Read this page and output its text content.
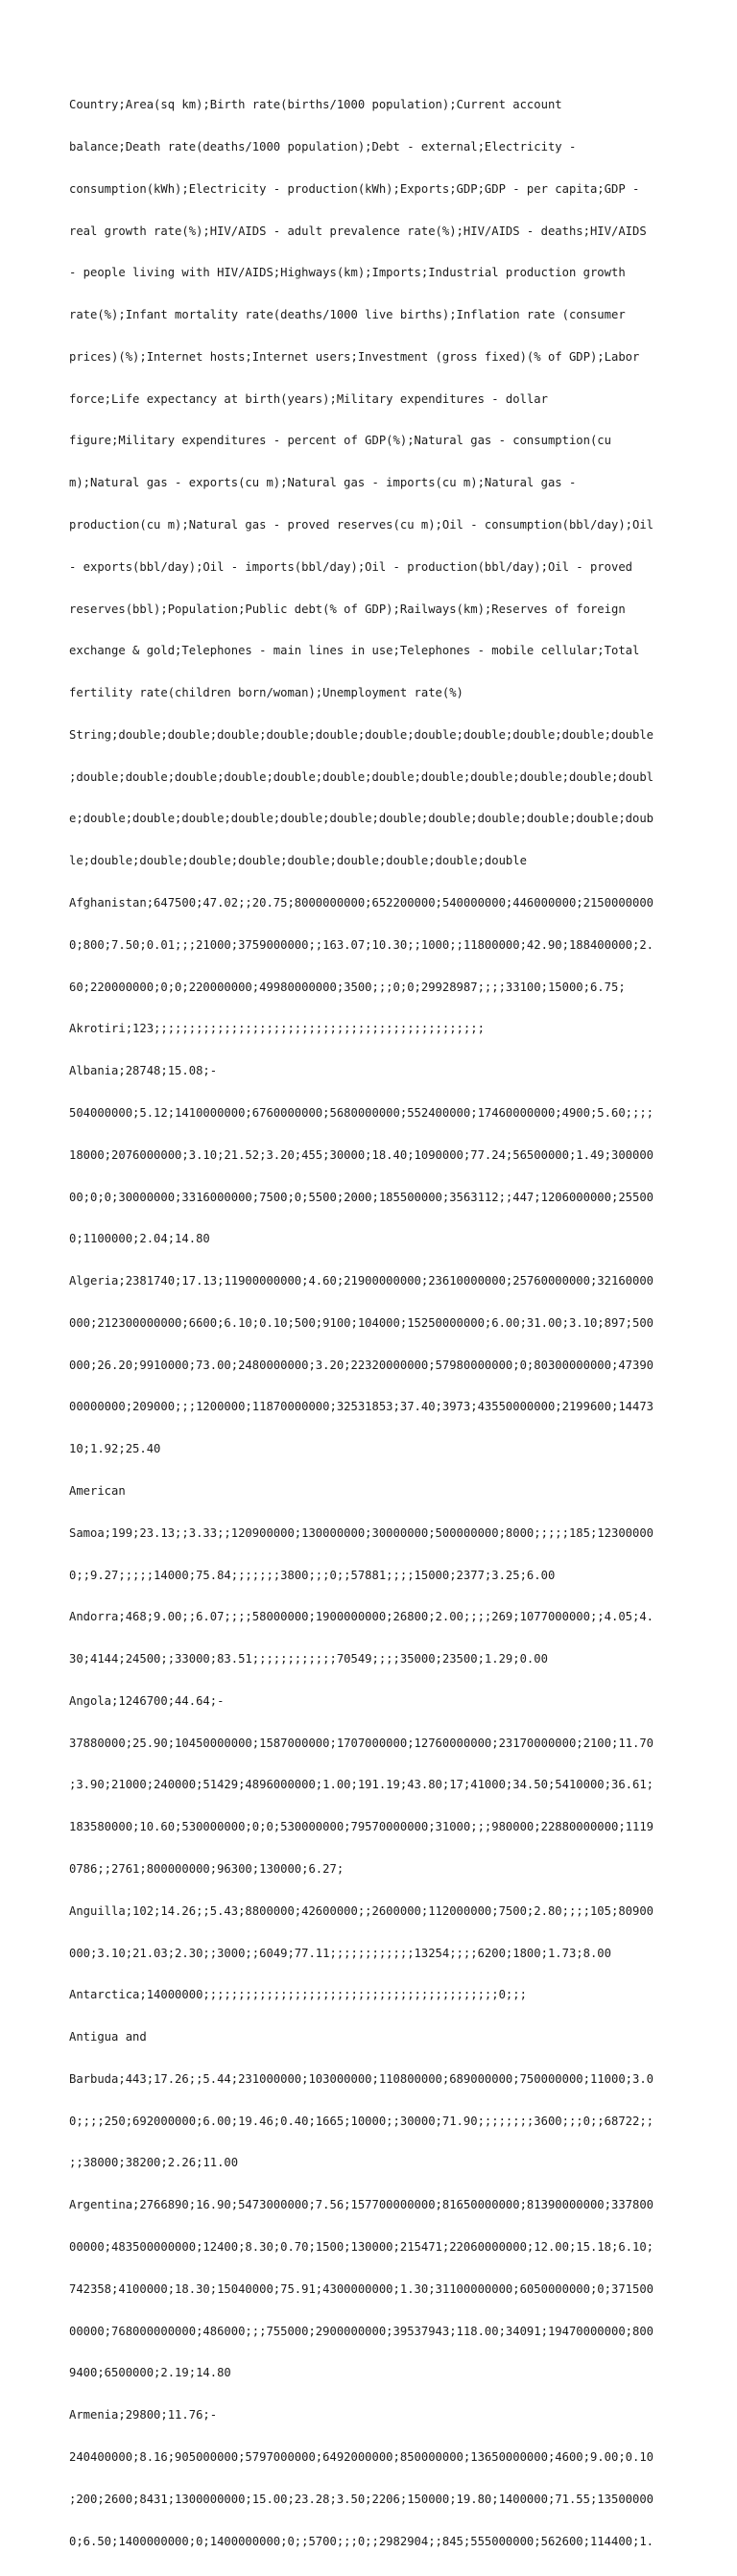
Country;Area(sq km);Birth rate(births/1000 population);Current account

balance;Death rate(deaths/1000 population);Debt - external;Electricity -

consumption(kWh);Electricity - production(kWh);Exports;GDP;GDP - per capita;GDP -

real growth rate(%);HIV/AIDS - adult prevalence rate(%);HIV/AIDS - deaths;HIV/AIDS

- people living with HIV/AIDS;Highways(km);Imports;Industrial production growth

rate(%);Infant mortality rate(deaths/1000 live births);Inflation rate (consumer

prices)(%);Internet hosts;Internet users;Investment (gross fixed)(% of GDP);Labor

force;Life expectancy at birth(years);Military expenditures - dollar

figure;Military expenditures - percent of GDP(%);Natural gas - consumption(cu

m);Natural gas - exports(cu m);Natural gas - imports(cu m);Natural gas -

production(cu m);Natural gas - proved reserves(cu m);Oil - consumption(bbl/day);Oil

- exports(bbl/day);Oil - imports(bbl/day);Oil - production(bbl/day);Oil - proved

reserves(bbl);Population;Public debt(% of GDP);Railways(km);Reserves of foreign

exchange & gold;Telephones - main lines in use;Telephones - mobile cellular;Total

fertility rate(children born/woman);Unemployment rate(%)

String;double;double;double;double;double;double;double;double;double;double;double

;double;double;double;double;double;double;double;double;double;double;double;doubl

e;double;double;double;double;double;double;double;double;double;double;double;doub

le;double;double;double;double;double;double;double;double;double

Afghanistan;647500;47.02;;20.75;8000000000;652200000;540000000;446000000;2150000000

0;800;7.50;0.01;;;21000;3759000000;;163.07;10.30;;1000;;11800000;42.90;188400000;2.

60;220000000;0;0;220000000;49980000000;3500;;;0;0;29928987;;;;33100;15000;6.75;

Akrotiri;123;;;;;;;;;;;;;;;;;;;;;;;;;;;;;;;;;;;;;;;;;;;;;;;

Albania;28748;15.08;-

504000000;5.12;1410000000;6760000000;5680000000;552400000;17460000000;4900;5.60;;;;

18000;2076000000;3.10;21.52;3.20;455;30000;18.40;1090000;77.24;56500000;1.49;300000

00;0;0;30000000;3316000000;7500;0;5500;2000;185500000;3563112;;447;1206000000;25500

0;1100000;2.04;14.80

Algeria;2381740;17.13;11900000000;4.60;21900000000;23610000000;25760000000;32160000

000;212300000000;6600;6.10;0.10;500;9100;104000;15250000000;6.00;31.00;3.10;897;500

000;26.20;9910000;73.00;2480000000;3.20;22320000000;57980000000;0;80300000000;47390

00000000;209000;;;1200000;11870000000;32531853;37.40;3973;43550000000;2199600;14473

10;1.92;25.40

American

Samoa;199;23.13;;3.33;;120900000;130000000;30000000;500000000;8000;;;;;185;12300000

0;;9.27;;;;;14000;75.84;;;;;;;3800;;;0;;57881;;;;15000;2377;3.25;6.00

Andorra;468;9.00;;6.07;;;;58000000;1900000000;26800;2.00;;;;269;1077000000;;4.05;4.

30;4144;24500;;33000;83.51;;;;;;;;;;;;70549;;;;35000;23500;1.29;0.00

Angola;1246700;44.64;-

37880000;25.90;10450000000;1587000000;1707000000;12760000000;23170000000;2100;11.70

;3.90;21000;240000;51429;4896000000;1.00;191.19;43.80;17;41000;34.50;5410000;36.61;

183580000;10.60;530000000;0;0;530000000;79570000000;31000;;;980000;22880000000;1119

0786;;2761;800000000;96300;130000;6.27;

Anguilla;102;14.26;;5.43;8800000;42600000;;2600000;112000000;7500;2.80;;;;105;80900

000;3.10;21.03;2.30;;3000;;6049;77.11;;;;;;;;;;;;13254;;;;6200;1800;1.73;8.00

Antarctica;14000000;;;;;;;;;;;;;;;;;;;;;;;;;;;;;;;;;;;;;;;;;;0;;;

Antigua and

Barbuda;443;17.26;;5.44;231000000;103000000;110800000;689000000;750000000;11000;3.0

0;;;;250;692000000;6.00;19.46;0.40;1665;10000;;30000;71.90;;;;;;;;3600;;;0;;68722;;

;;38000;38200;2.26;11.00

Argentina;2766890;16.90;5473000000;7.56;157700000000;81650000000;81390000000;337800

00000;483500000000;12400;8.30;0.70;1500;130000;215471;22060000000;12.00;15.18;6.10;

742358;4100000;18.30;15040000;75.91;4300000000;1.30;31100000000;6050000000;0;371500

00000;768000000000;486000;;;755000;2900000000;39537943;118.00;34091;19470000000;800

9400;6500000;2.19;14.80

Armenia;29800;11.76;-

240400000;8.16;905000000;5797000000;6492000000;850000000;13650000000;4600;9.00;0.10

;200;2600;8431;1300000000;15.00;23.28;3.50;2206;150000;19.80;1400000;71.55;13500000

0;6.50;1400000000;0;1400000000;0;;5700;;;0;;2982904;;845;555000000;562600;114400;1.
